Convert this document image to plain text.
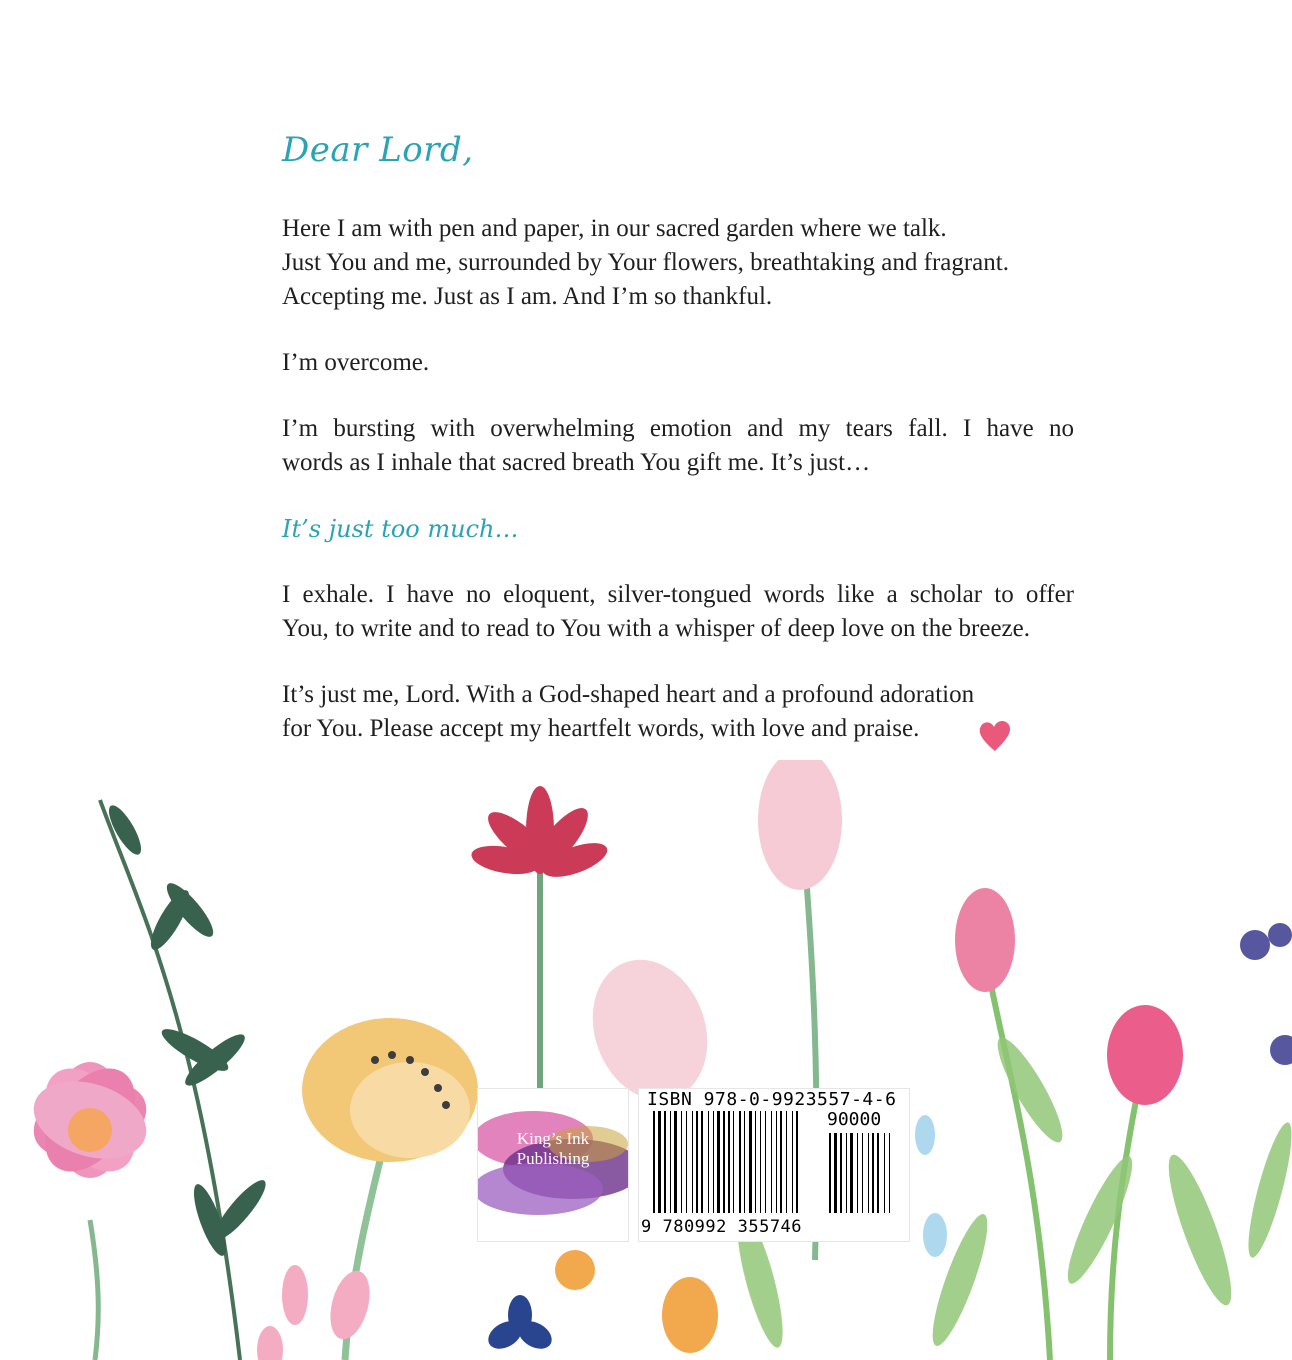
Dear Lord,

Here I am with pen and paper, in our sacred garden where we talk.

Just You and me, surrounded by Your flowers, breathtaking and fragrant.

Accepting me. Just as I am. And I’m so thankful.

I’m overcome.

I’m bursting with overwhelming emotion and my tears fall. I have no

words as I inhale that sacred breath You gift me. It’s just…

It’s just too much…

I exhale. I have no eloquent, silver-tongued words like a scholar to offer

You, to write and to read to You with a whisper of deep love on the breeze.

It’s just me, Lord. With a God-shaped heart and a profound adoration

for You. Please accept my heartfelt words, with love and praise.

King’s Ink
Publishing
ISBN 978-0-9923557-4-6
90000
9 780992 355746
